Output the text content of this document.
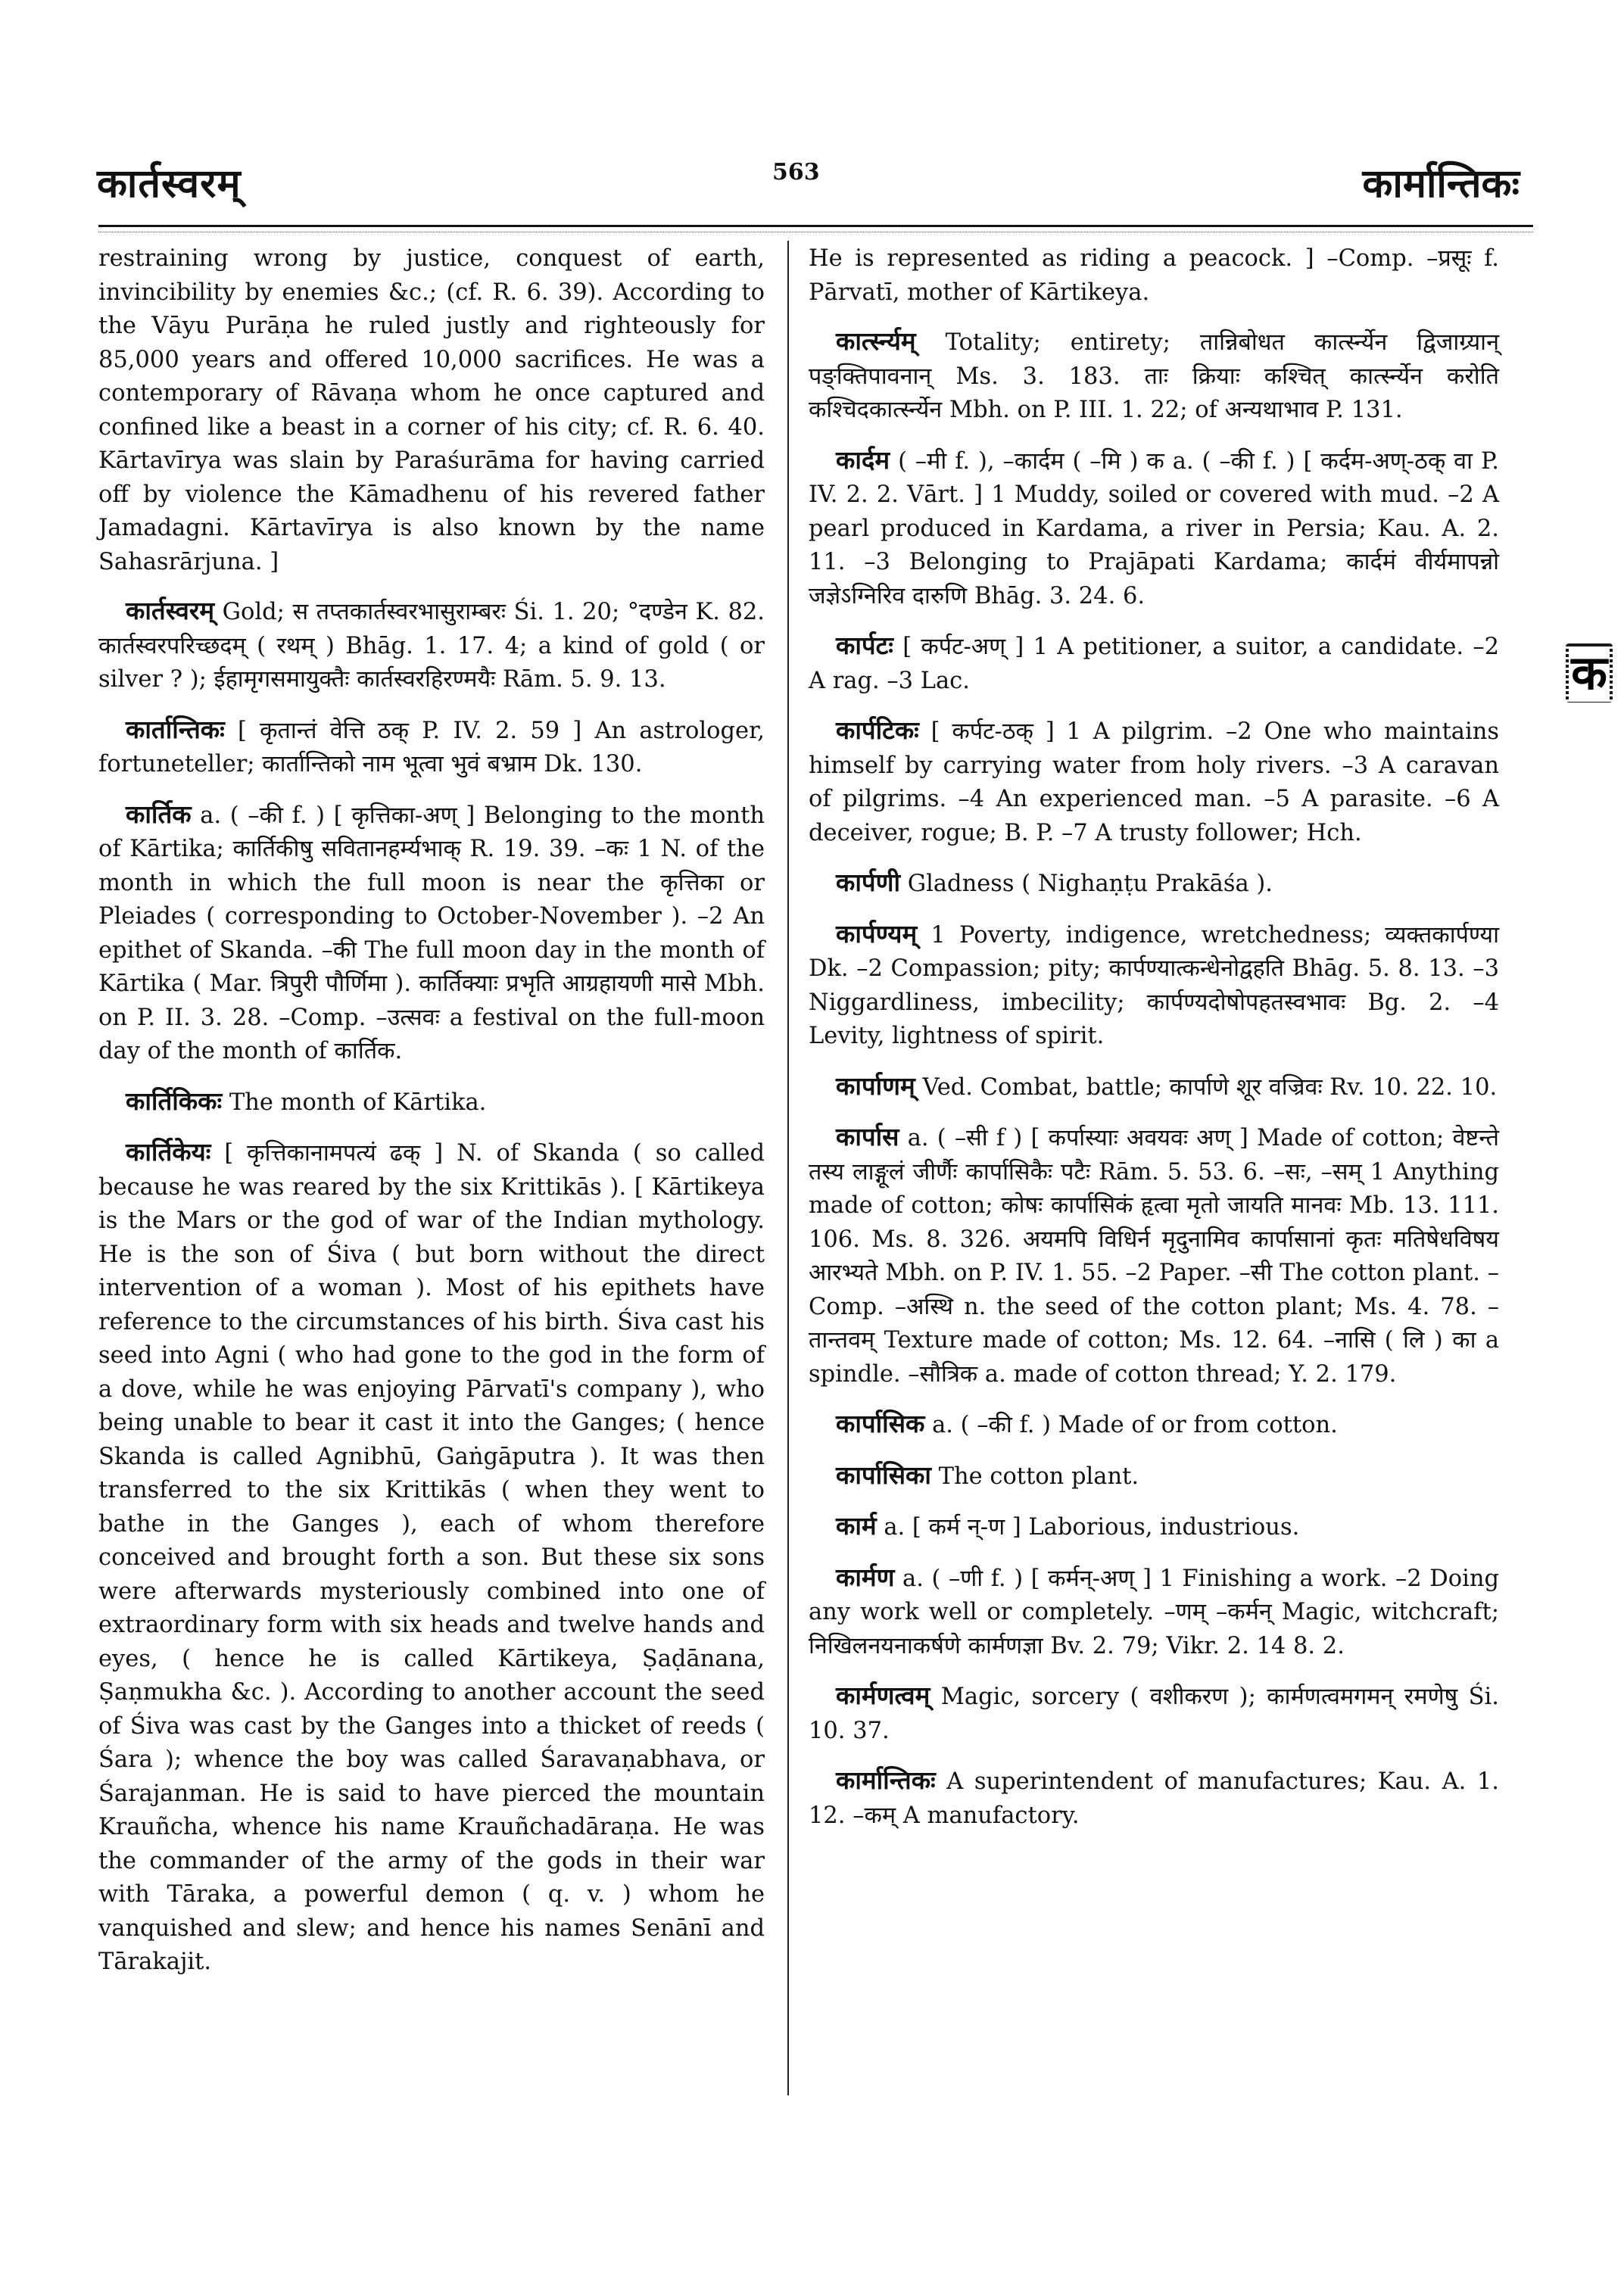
कार्तस्वरम्	563	कार्मान्तिकः
क

restraining wrong by justice, conquest of earth, invincibility by enemies &c.; (cf. R. 6. 39). According to the Vāyu Purāṇa he ruled justly and righteously for 85,000 years and offered 10,000 sacrifices. He was a contemporary of Rāvaṇa whom he once captured and confined like a beast in a corner of his city; cf. R. 6. 40. Kārtavīrya was slain by Paraśurāma for having carried off by violence the Kāmadhenu of his revered father Jamadagni. Kārtavīrya is also known by the name Sahasrārjuna. ]

कार्तस्वरम् Gold; स तप्तकार्तस्वरभासुराम्बरः Śi. 1. 20; °दण्डेन K. 82. कार्तस्वरपरिच्छदम् ( रथम् ) Bhāg. 1. 17. 4; a kind of gold ( or silver ? ); ईहामृगसमायुक्तैः कार्तस्वरहिरण्मयैः Rām. 5. 9. 13.

कार्तान्तिकः [ कृतान्तं वेत्ति ठक् P. IV. 2. 59 ] An astrologer, fortuneteller; कार्तान्तिको नाम भूत्वा भुवं बभ्राम Dk. 130.

कार्तिक a. ( –की f. ) [ कृत्तिका-अण् ] Belonging to the month of Kārtika; कार्तिकीषु सवितानहर्म्यभाक् R. 19. 39. –कः 1 N. of the month in which the full moon is near the कृत्तिका or Pleiades ( corresponding to October-November ). –2 An epithet of Skanda. –की The full moon day in the month of Kārtika ( Mar. त्रिपुरी पौर्णिमा ). कार्तिक्याः प्रभृति आग्रहायणी मासे Mbh. on P. II. 3. 28. –Comp. –उत्सवः a festival on the full-moon day of the month of कार्तिक.

कार्तिकिकः The month of Kārtika.

कार्तिकेयः [ कृत्तिकानामपत्यं ढक् ] N. of Skanda ( so called because he was reared by the six Krittikās ). [ Kārtikeya is the Mars or the god of war of the Indian mythology. He is the son of Śiva ( but born without the direct intervention of a woman ). Most of his epithets have reference to the circumstances of his birth. Śiva cast his seed into Agni ( who had gone to the god in the form of a dove, while he was enjoying Pārvatī's company ), who being unable to bear it cast it into the Ganges; ( hence Skanda is called Agnibhū, Gaṅgāputra ). It was then transferred to the six Krittikās ( when they went to bathe in the Ganges ), each of whom therefore conceived and brought forth a son. But these six sons were afterwards mysteriously combined into one of extraordinary form with six heads and twelve hands and eyes, ( hence he is called Kārtikeya, Ṣaḍānana, Ṣaṇmukha &c. ). According to another account the seed of Śiva was cast by the Ganges into a thicket of reeds ( Śara ); whence the boy was called Śaravaṇabhava, or Śarajanman. He is said to have pierced the mountain Krauñcha, whence his name Krauñchadāraṇa. He was the commander of the army of the gods in their war with Tāraka, a powerful demon ( q. v. ) whom he vanquished and slew; and hence his names Senānī and Tārakajit.

He is represented as riding a peacock. ] –Comp. –प्रसूः f. Pārvatī, mother of Kārtikeya.

कार्त्स्न्यम् Totality; entirety; तान्निबोधत कार्त्स्न्येन द्विजाग्र्यान् पङ्क्तिपावनान् Ms. 3. 183. ताः क्रियाः कश्चित् कार्त्स्न्येन करोति कश्चिदकार्त्स्न्येन Mbh. on P. III. 1. 22; of अन्यथाभाव P. 131.

कार्दम ( –मी f. ), –कार्दम ( –मि ) क a. ( –की f. ) [ कर्दम-अण्-ठक् वा P. IV. 2. 2. Vārt. ] 1 Muddy, soiled or covered with mud. –2 A pearl produced in Kardama, a river in Persia; Kau. A. 2. 11. –3 Belonging to Prajāpati Kardama; कार्दमं वीर्यमापन्नो जज्ञेऽग्निरिव दारुणि Bhāg. 3. 24. 6.

कार्पटः [ कर्पट-अण् ] 1 A petitioner, a suitor, a candidate. –2 A rag. –3 Lac.

कार्पटिकः [ कर्पट-ठक् ] 1 A pilgrim. –2 One who maintains himself by carrying water from holy rivers. –3 A caravan of pilgrims. –4 An experienced man. –5 A parasite. –6 A deceiver, rogue; B. P. –7 A trusty follower; Hch.

कार्पणी Gladness ( Nighaṇṭu Prakāśa ).

कार्पण्यम् 1 Poverty, indigence, wretchedness; व्यक्तकार्पण्या Dk. –2 Compassion; pity; कार्पण्यात्कन्धेनोद्वहति Bhāg. 5. 8. 13. –3 Niggardliness, imbecility; कार्पण्यदोषोपहतस्वभावः Bg. 2. –4 Levity, lightness of spirit.

कार्पाणम् Ved. Combat, battle; कार्पाणे शूर वज्रिवः Rv. 10. 22. 10.

कार्पास a. ( –सी f ) [ कर्पास्याः अवयवः अण् ] Made of cotton; वेष्टन्ते तस्य लाङ्गूलं जीर्णैः कार्पासिकैः पटैः Rām. 5. 53. 6. –सः, –सम् 1 Anything made of cotton; कोषः कार्पासिकं हृत्वा मृतो जायति मानवः Mb. 13. 111. 106. Ms. 8. 326. अयमपि विधिर्न मृदुनामिव कार्पासानां कृतः मतिषेधविषय आरभ्यते Mbh. on P. IV. 1. 55. –2 Paper. –सी The cotton plant. –Comp. –अस्थि n. the seed of the cotton plant; Ms. 4. 78. –तान्तवम् Texture made of cotton; Ms. 12. 64. –नासि ( लि ) का a spindle. –सौत्रिक a. made of cotton thread; Y. 2. 179.

कार्पासिक a. ( –की f. ) Made of or from cotton.

कार्पासिका The cotton plant.

कार्म a. [ कर्म न्-ण ] Laborious, industrious.

कार्मण a. ( –णी f. ) [ कर्मन्-अण् ] 1 Finishing a work. –2 Doing any work well or completely. –णम् –कर्मन् Magic, witchcraft; निखिलनयनाकर्षणे कार्मणज्ञा Bv. 2. 79; Vikr. 2. 14 8. 2.

कार्मणत्वम् Magic, sorcery ( वशीकरण ); कार्मणत्वमगमन् रमणेषु Śi. 10. 37.

कार्मान्तिकः A superintendent of manufactures; Kau. A. 1. 12. –कम् A manufactory.
